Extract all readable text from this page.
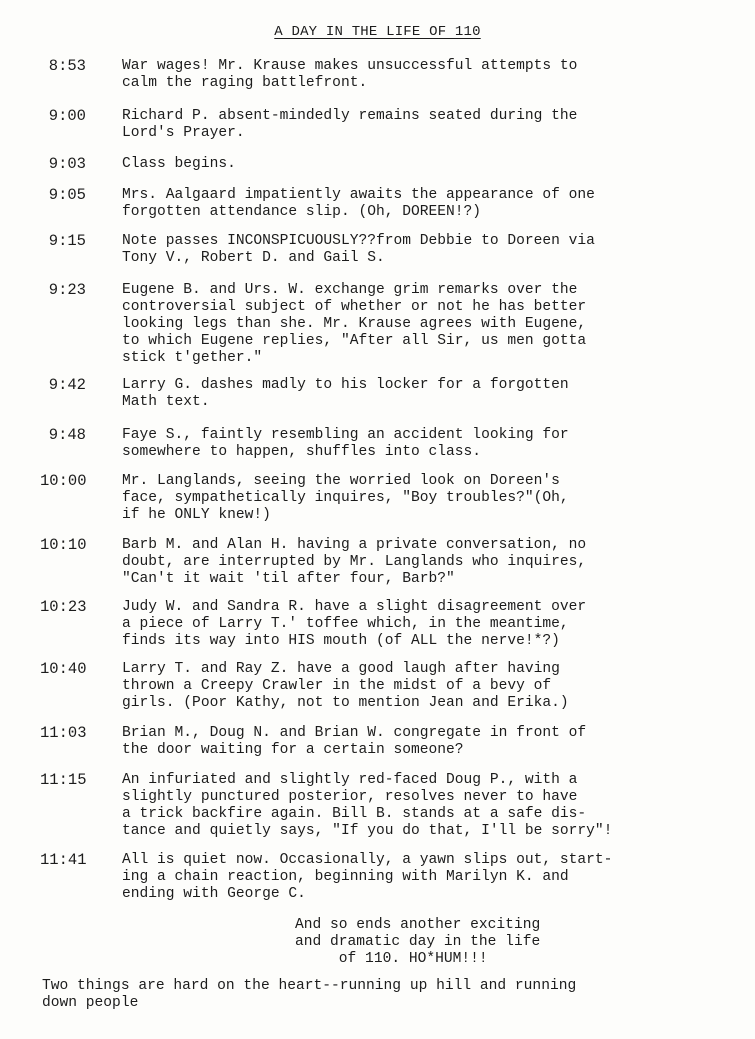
A DAY IN THE LIFE OF 110
8:53 War wages! Mr. Krause makes unsuccessful attempts to
calm the raging battlefront.
9:00 Richard P. absent-mindedly remains seated during the
Lord's Prayer.
9:03 Class begins.
9:05 Mrs. Aalgaard impatiently awaits the appearance of one
forgotten attendance slip. (Oh, DOREEN!?)
9:15 Note passes INCONSPICUOUSLY??from Debbie to Doreen via
Tony V., Robert D. and Gail S.
9:23 Eugene B. and Urs. W. exchange grim remarks over the
controversial subject of whether or not he has better
looking legs than she. Mr. Krause agrees with Eugene,
to which Eugene replies, "After all Sir, us men gotta
stick t'gether."
9:42 Larry G. dashes madly to his locker for a forgotten
Math text.
9:48 Faye S., faintly resembling an accident looking for
somewhere to happen, shuffles into class.
10:00 Mr. Langlands, seeing the worried look on Doreen's
face, sympathetically inquires, "Boy troubles?"(Oh,
if he ONLY knew!)
10:10 Barb M. and Alan H. having a private conversation, no
doubt, are interrupted by Mr. Langlands who inquires,
"Can't it wait 'til after four, Barb?"
10:23 Judy W. and Sandra R. have a slight disagreement over
a piece of Larry T.' toffee which, in the meantime,
finds its way into HIS mouth (of ALL the nerve!*?)
10:40 Larry T. and Ray Z. have a good laugh after having
thrown a Creepy Crawler in the midst of a bevy of
girls. (Poor Kathy, not to mention Jean and Erika.)
11:03 Brian M., Doug N. and Brian W. congregate in front of
the door waiting for a certain someone?
11:15 An infuriated and slightly red-faced Doug P., with a
slightly punctured posterior, resolves never to have
a trick backfire again. Bill B. stands at a safe dis-
tance and quietly says, "If you do that, I'll be sorry"!
11:41 All is quiet now. Occasionally, a yawn slips out, start-
ing a chain reaction, beginning with Marilyn K. and
ending with George C.
And so ends another exciting
and dramatic day in the life
of 110. HO*HUM!!!
Two things are hard on the heart--running up hill and running
down people
